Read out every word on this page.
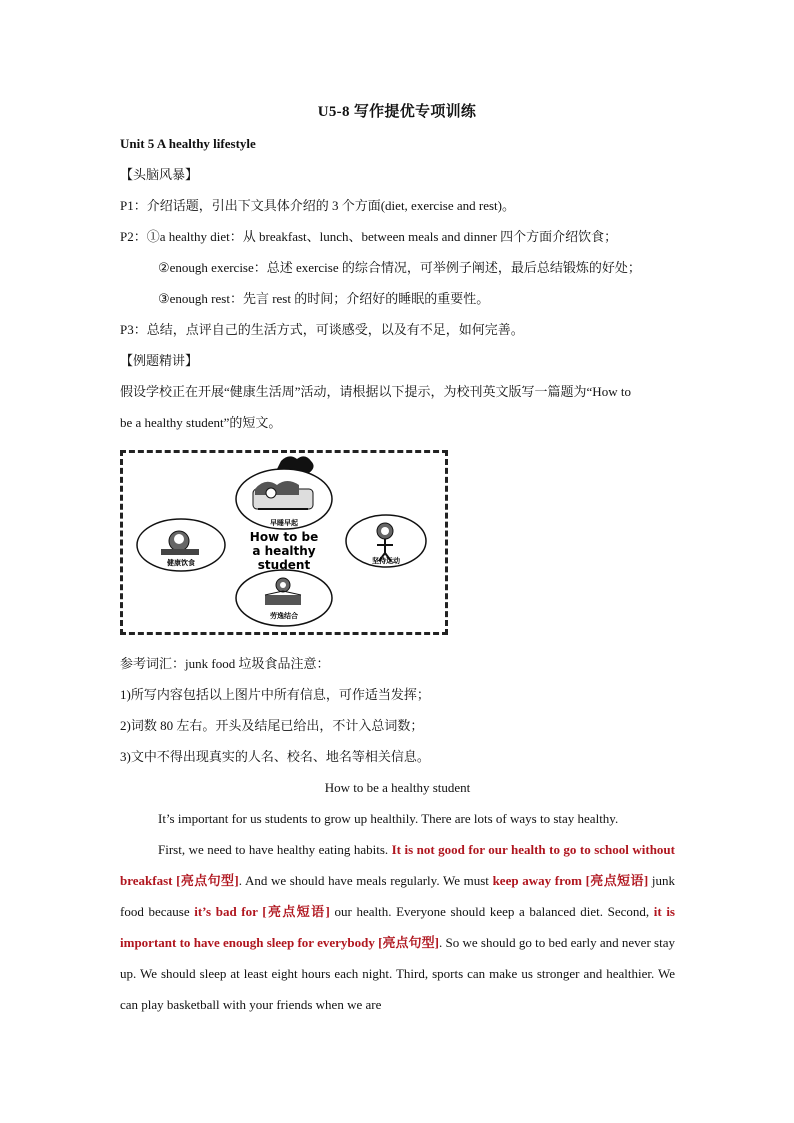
U5-8 写作提优专项训练
Unit 5 A healthy lifestyle
【头脑风暴】
P1：介绍话题，引出下文具体介绍的 3 个方面(diet, exercise and rest)。
P2：①a healthy diet：从 breakfast、lunch、between meals and dinner 四个方面介绍饮食；
②enough exercise：总述 exercise 的综合情况，可举例子阐述，最后总结锻炼的好处；
③enough rest：先言 rest 的时间；介绍好的睡眠的重要性。
P3：总结，点评自己的生活方式，可谈感受，以及有不足，如何完善。
【例题精讲】
假设学校正在开展“健康生活周”活动，请根据以下提示，为校刊英文版写一篇题为“How to
be a healthy student”的短文。
早睡早起
健康饮食	坚持运动
劳逸结合
How to be
a healthy
student
参考词汇：junk food 垃圾食品注意：
1)所写内容包括以上图片中所有信息，可作适当发挥；
2)词数 80 左右。开头及结尾已给出，不计入总词数；
3)文中不得出现真实的人名、校名、地名等相关信息。
How to be a healthy student
It’s important for us students to grow up healthily. There are lots of ways to stay healthy.
First, we need to have healthy eating habits. It is not good for our health to go to school without breakfast [亮点句型]. And we should have meals regularly. We must keep away from [亮点短语] junk food because it’s bad for [亮点短语] our health. Everyone should keep a balanced diet. Second, it is important to have enough sleep for everybody [亮点句型]. So we should go to bed early and never stay up. We should sleep at least eight hours each night. Third, sports can make us stronger and healthier. We can play basketball with your friends when we are
